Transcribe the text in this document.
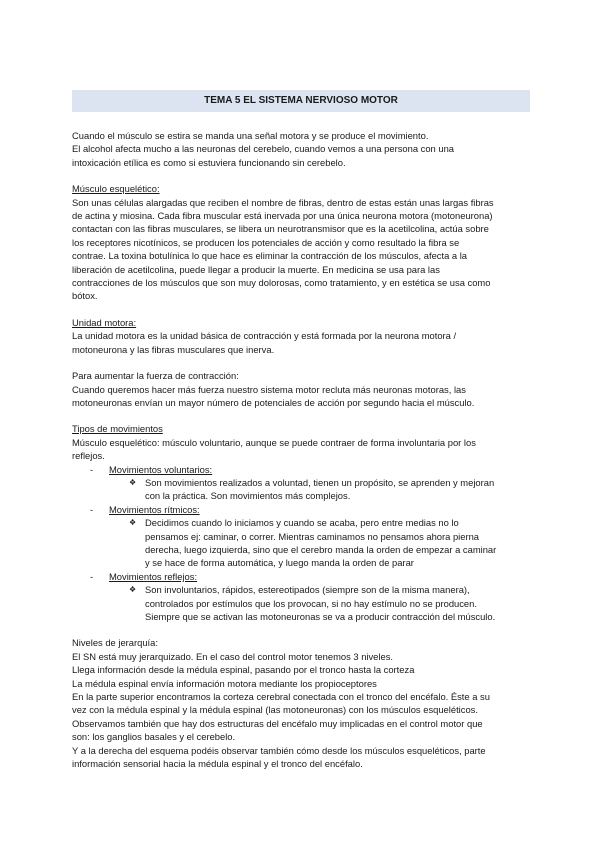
TEMA 5 EL SISTEMA NERVIOSO MOTOR

Cuando el músculo se estira se manda una señal motora y se produce el movimiento.

El alcohol afecta mucho a las neuronas del cerebelo, cuando vemos a una persona con una

intoxicación etílica es como si estuviera funcionando sin cerebelo.

Músculo esquelético:

Son unas células alargadas que reciben el nombre de fibras, dentro de estas están unas largas fibras

de actina y miosina. Cada fibra muscular está inervada por una única neurona motora (motoneurona)

contactan con las fibras musculares, se libera un neurotransmisor que es la acetilcolina, actúa sobre

los receptores nicotínicos, se producen los potenciales de acción y como resultado la fibra se

contrae. La toxina botulínica lo que hace es eliminar la contracción de los músculos, afecta a la

liberación de acetilcolina, puede llegar a producir la muerte. En medicina se usa para las

contracciones de los músculos que son muy dolorosas, como tratamiento, y en estética se usa como

bótox.

Unidad motora:

La unidad motora es la unidad básica de contracción y está formada por la neurona motora /

motoneurona y las fibras musculares que inerva.

Para aumentar la fuerza de contracción:

Cuando queremos hacer más fuerza nuestro sistema motor recluta más neuronas motoras, las

motoneuronas envían un mayor número de potenciales de acción por segundo hacia el músculo.

Tipos de movimientos

Músculo esquelético: músculo voluntario, aunque se puede contraer de forma involuntaria por los

reflejos.

- Movimientos voluntarios:

❖ Son movimientos realizados a voluntad, tienen un propósito, se aprenden y mejoran

con la práctica. Son movimientos más complejos.

- Movimientos rítmicos:

❖ Decidimos cuando lo iniciamos y cuando se acaba, pero entre medias no lo

pensamos ej: caminar, o correr. Mientras caminamos no pensamos ahora pierna

derecha, luego izquierda, sino que el cerebro manda la orden de empezar a caminar

y se hace de forma automática, y luego manda la orden de parar

- Movimientos reflejos:

❖ Son involuntarios, rápidos, estereotipados (siempre son de la misma manera),

controlados por estímulos que los provocan, si no hay estímulo no se producen.

Siempre que se activan las motoneuronas se va a producir contracción del músculo.

Niveles de jerarquía:

El SN está muy jerarquizado. En el caso del control motor tenemos 3 niveles.

Llega información desde la médula espinal, pasando por el tronco hasta la corteza

La médula espinal envía información motora mediante los propioceptores

En la parte superior encontramos la corteza cerebral conectada con el tronco del encéfalo. Éste a su

vez con la médula espinal y la médula espinal (las motoneuronas) con los músculos esqueléticos.

Observamos también que hay dos estructuras del encéfalo muy implicadas en el control motor que

son: los ganglios basales y el cerebelo.

Y a la derecha del esquema podéis observar también cómo desde los músculos esqueléticos, parte

información sensorial hacia la médula espinal y el tronco del encéfalo.
